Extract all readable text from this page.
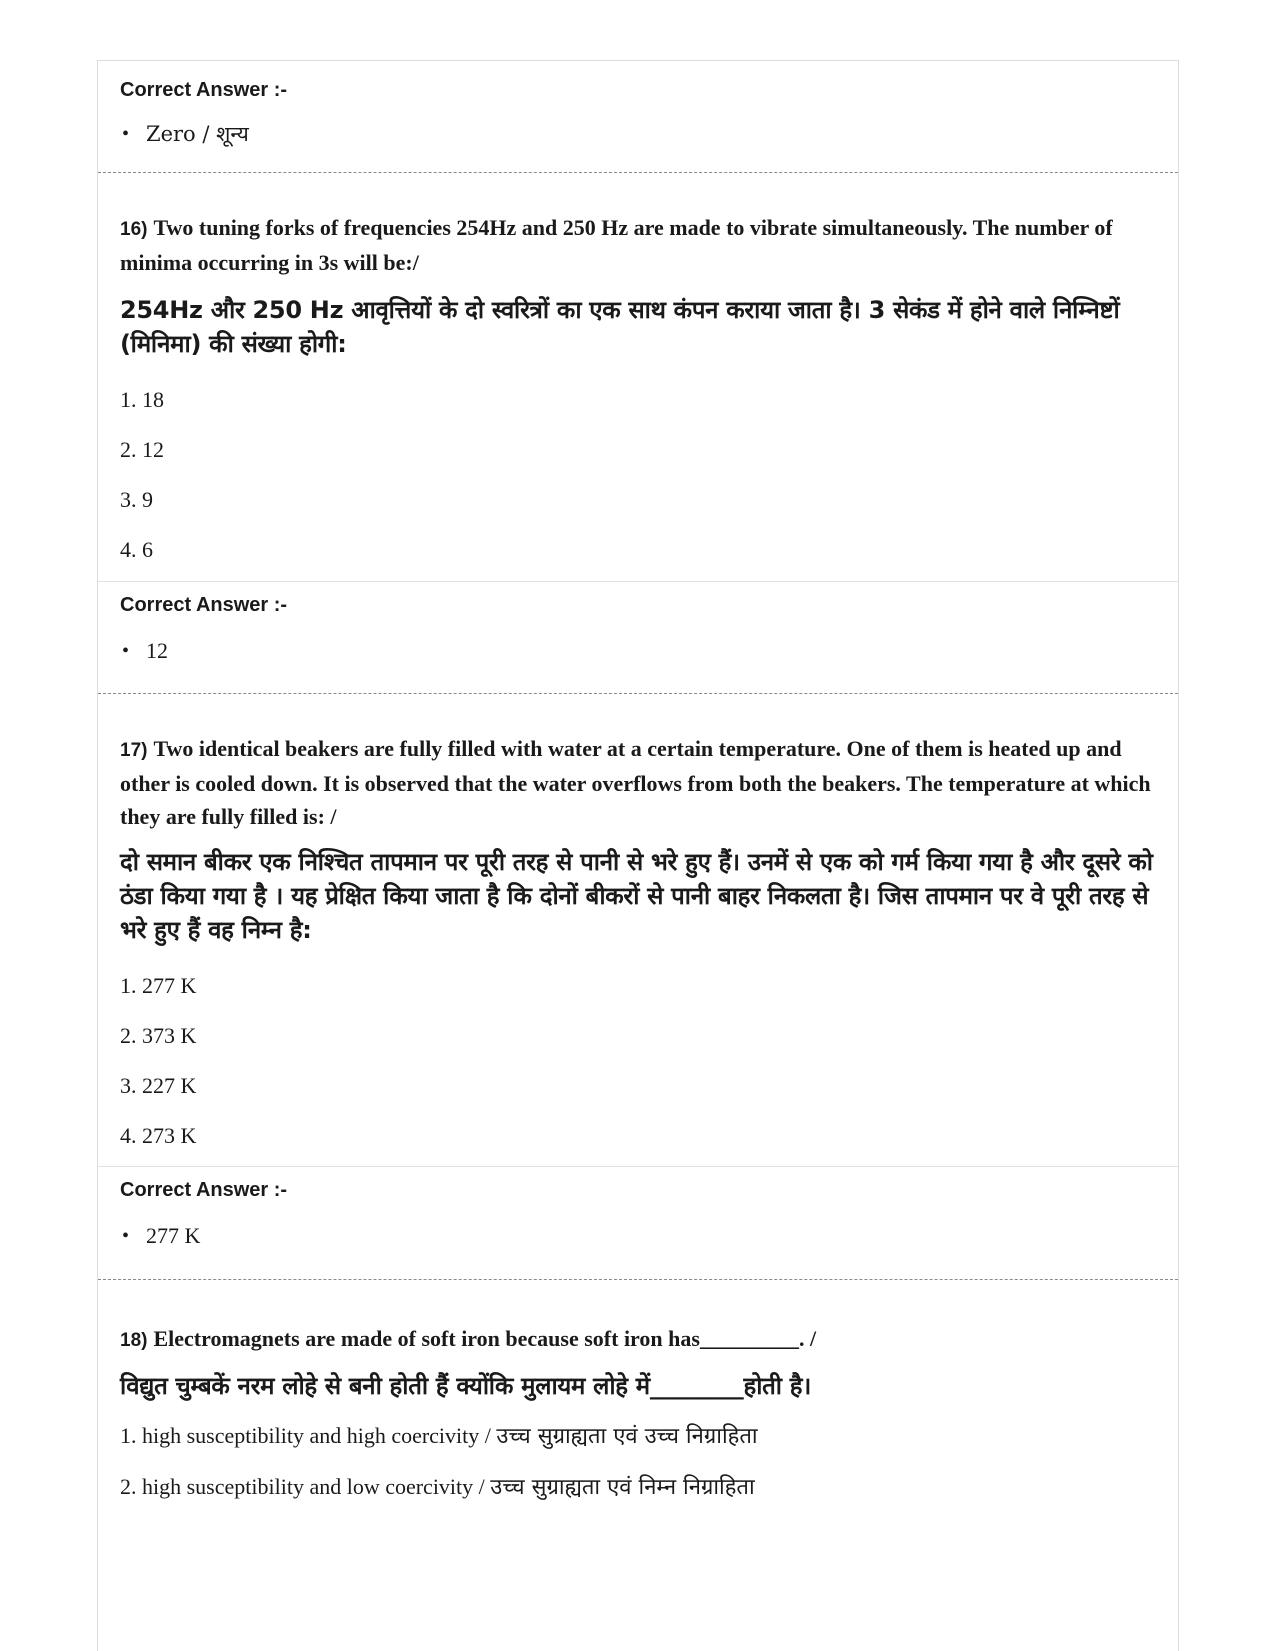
Correct Answer :-

• Zero / शून्य

16) Two tuning forks of frequencies 254Hz and 250 Hz are made to vibrate simultaneously. The number of minima occurring in 3s will be:/

254Hz और 250 Hz आवृत्तियों के दो स्वरित्रों का एक साथ कंपन कराया जाता है। 3 सेकंड में होने वाले निम्निष्टों (मिनिमा) की संख्या होगी:

1. 18

2. 12

3. 9

4. 6

Correct Answer :-

• 12

17) Two identical beakers are fully filled with water at a certain temperature. One of them is heated up and other is cooled down. It is observed that the water overflows from both the beakers. The temperature at which they are fully filled is: /

दो समान बीकर एक निश्चित तापमान पर पूरी तरह से पानी से भरे हुए हैं। उनमें से एक को गर्म किया गया है और दूसरे को ठंडा किया गया है । यह प्रेक्षित किया जाता है कि दोनों बीकरों से पानी बाहर निकलता है। जिस तापमान पर वे पूरी तरह से भरे हुए हैं वह निम्न है:

1. 277 K

2. 373 K

3. 227 K

4. 273 K

Correct Answer :-

• 277 K

18) Electromagnets are made of soft iron because soft iron has_________. /

विद्युत चुम्बकें नरम लोहे से बनी होती हैं क्योंकि मुलायम लोहे में________होती है।

1. high susceptibility and high coercivity / उच्च सुग्राह्यता एवं उच्च निग्राहिता

2. high susceptibility and low coercivity / उच्च सुग्राह्यता एवं निम्न निग्राहिता
